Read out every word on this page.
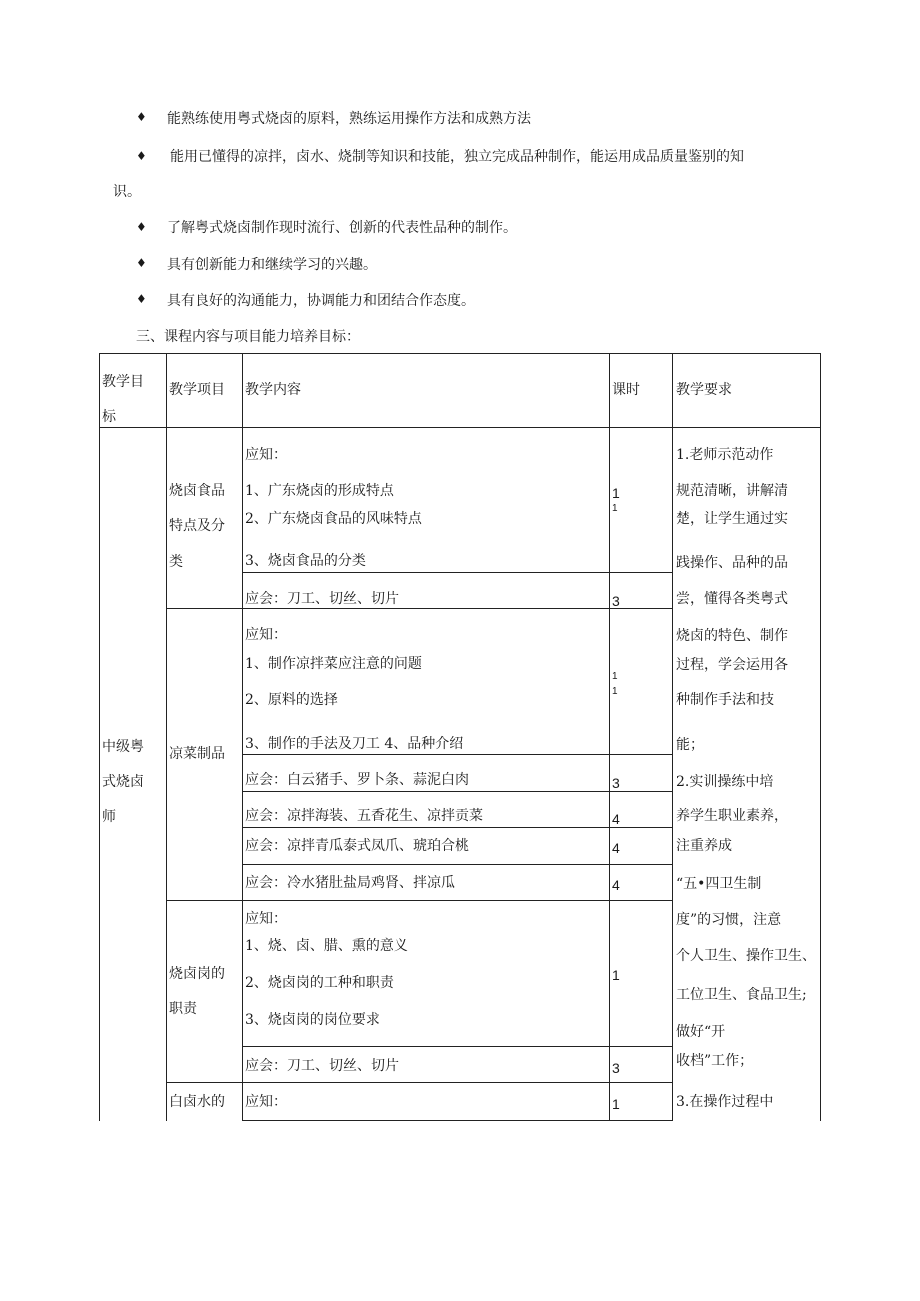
♦ 能熟练使用粤式烧卤的原料，熟练运用操作方法和成熟方法
♦ 能用已懂得的凉拌，卤水、烧制等知识和技能，独立完成品种制作，能运用成品质量鉴别的知
识。
♦ 了解粤式烧卤制作现时流行、创新的代表性品种的制作。
♦ 具有创新能力和继续学习的兴趣。
♦ 具有良好的沟通能力，协调能力和团结合作态度。
三、课程内容与项目能力培养目标：
教学目
标
教学项目 教学内容	课时	教学要求
中级粤
式烧卤
师
烧卤食品
特点及分
类
凉菜制品
烧卤岗的
职责
白卤水的
应知：
1、广东烧卤的形成特点
2、广东烧卤食品的风味特点
3、烧卤食品的分类
应会：刀工、切丝、切片
应知：
1、制作凉拌菜应注意的问题
2、原料的选择
3、制作的手法及刀工 4、品种介绍
应会：白云猪手、罗卜条、蒜泥白肉
应会：凉拌海装、五香花生、凉拌贡菜
应会：凉拌青瓜泰式凤爪、琥珀合桃
应会：冷水猪肚盐局鸡肾、拌凉瓜
应知：
1、烧、卤、腊、熏的意义
2、烧卤岗的工种和职责
3、烧卤岗的岗位要求
应会：刀工、切丝、切片
应知：
1
1
3
1
1
3
4
4
4
1
3
1
1.老师示范动作
规范清晰，讲解清
楚，让学生通过实
践操作、品种的品
尝，懂得各类粤式
烧卤的特色、制作
过程，学会运用各
种制作手法和技
能；
2.实训操练中培
养学生职业素养，
注重养成
“五•四卫生制
度”的习惯，注意
个人卫生、操作卫生、
工位卫生、食品卫生;
做好“开
收档”工作；
3.在操作过程中
